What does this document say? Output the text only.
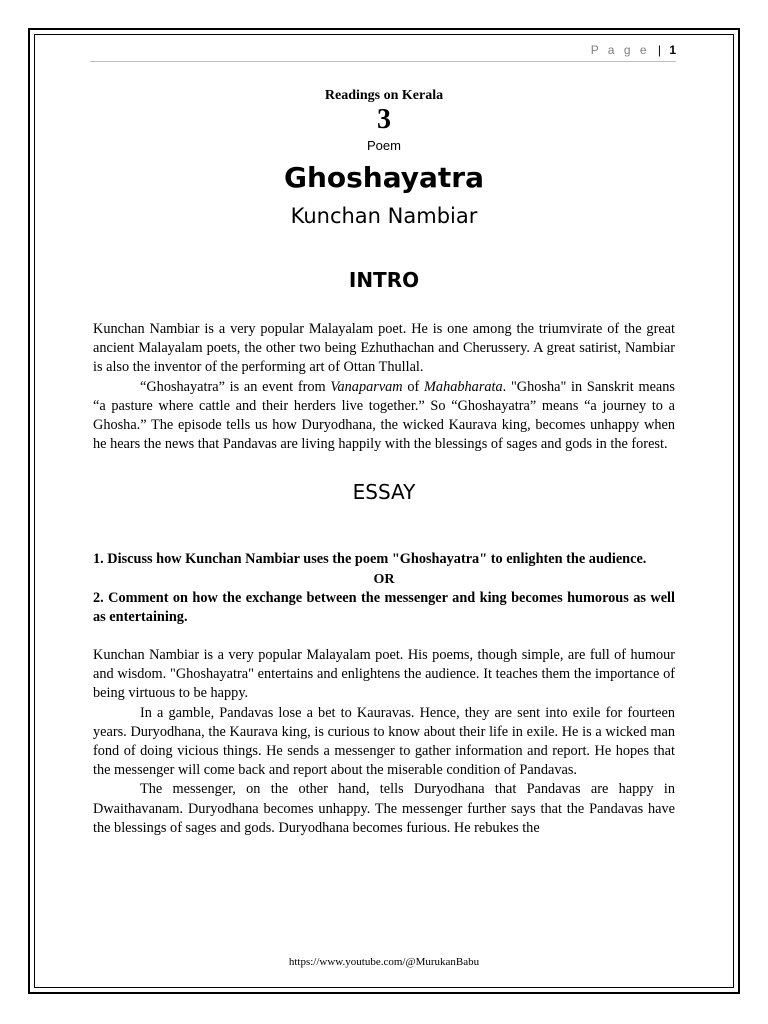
P a g e | 1
Readings on Kerala
3
Poem
Ghoshayatra
Kunchan Nambiar
INTRO

Kunchan Nambiar is a very popular Malayalam poet. He is one among the triumvirate of the great ancient Malayalam poets, the other two being Ezhuthachan and Cherussery. A great satirist, Nambiar is also the inventor of the performing art of Ottan Thullal.

“Ghoshayatra” is an event from Vanaparvam of Mahabharata. "Ghosha" in Sanskrit means “a pasture where cattle and their herders live together.” So “Ghoshayatra” means “a journey to a Ghosha.” The episode tells us how Duryodhana, the wicked Kaurava king, becomes unhappy when he hears the news that Pandavas are living happily with the blessings of sages and gods in the forest.

ESSAY

1. Discuss how Kunchan Nambiar uses the poem "Ghoshayatra" to enlighten the audience.

OR

2. Comment on how the exchange between the messenger and king becomes humorous as well as entertaining.

Kunchan Nambiar is a very popular Malayalam poet. His poems, though simple, are full of humour and wisdom. "Ghoshayatra" entertains and enlightens the audience. It teaches them the importance of being virtuous to be happy.

In a gamble, Pandavas lose a bet to Kauravas. Hence, they are sent into exile for fourteen years. Duryodhana, the Kaurava king, is curious to know about their life in exile. He is a wicked man fond of doing vicious things. He sends a messenger to gather information and report. He hopes that the messenger will come back and report about the miserable condition of Pandavas.

The messenger, on the other hand, tells Duryodhana that Pandavas are happy in Dwaithavanam. Duryodhana becomes unhappy. The messenger further says that the Pandavas have the blessings of sages and gods. Duryodhana becomes furious. He rebukes the

https://www.youtube.com/@MurukanBabu
